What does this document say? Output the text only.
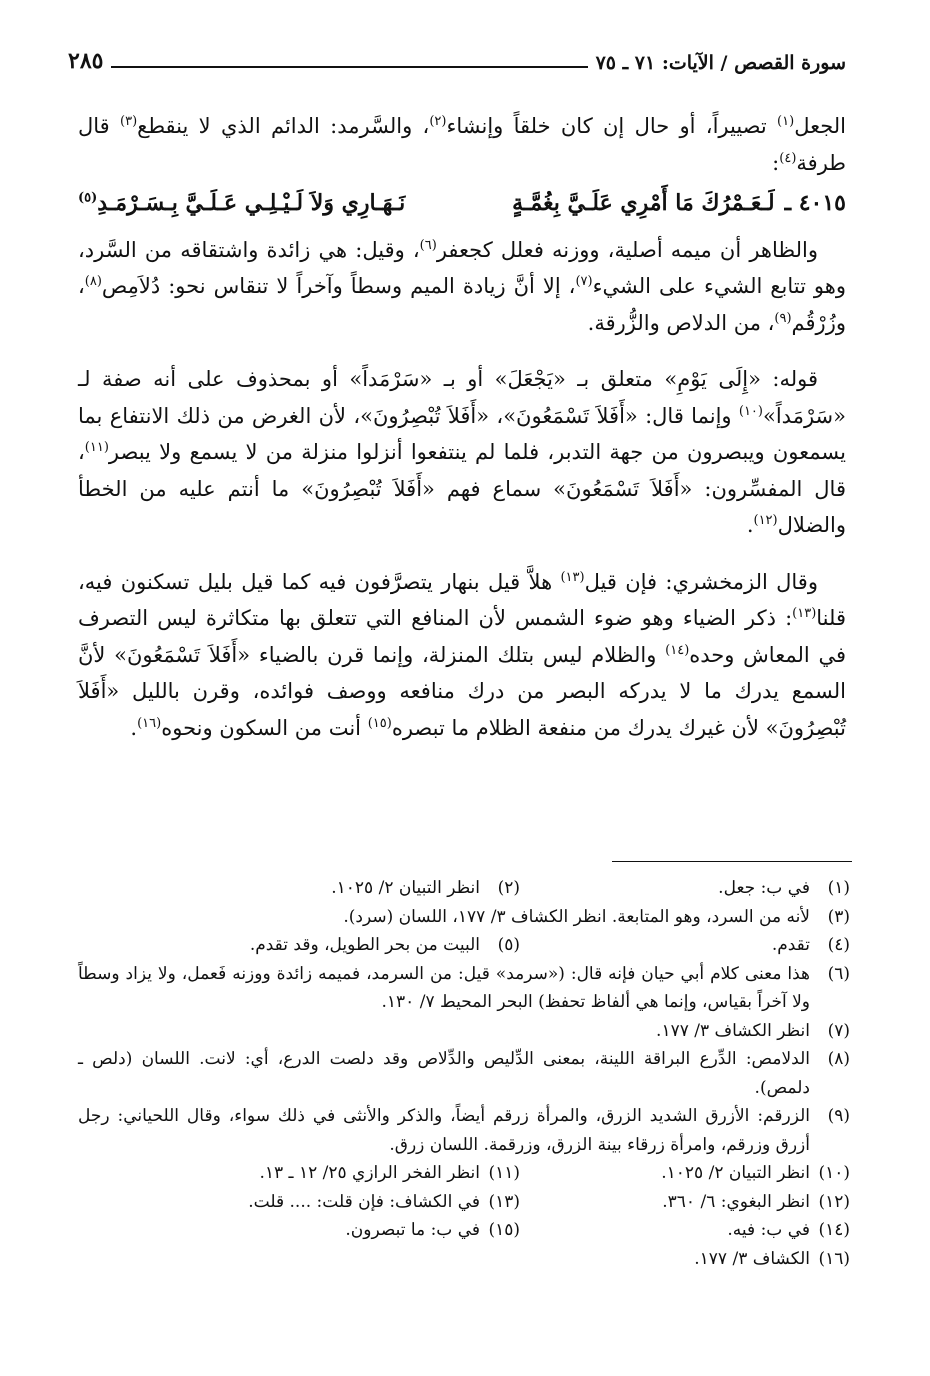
سورة القصص / الآيات: ٧١ ـ ٧٥
٢٨٥

الجعل$^{(١)}$ تصييراً، أو حال إن كان خلقاً وإنشاء$^{(٢)}$، والسَّرمد: الدائم الذي لا ينقطع$^{(٣)}$ قال طرفة$^{(٤)}$:

٤٠١٥ ـ
لَـعَـمْرُكَ مَا أَمْرِي عَلَـيَّ بِغُمَّـةٍ
نَـهَـارِي وَلاَ لَـيْـلِـي عَـلَـيَّ بِـسَـرْمَـدِ$^{(٥)}$

والظاهر أن ميمه أصلية، ووزنه فعلل كجعفر$^{(٦)}$، وقيل: هي زائدة واشتقاقه من السَّرد، وهو تتابع الشيء على الشيء$^{(٧)}$، إلا أنَّ زيادة الميم وسطاً وآخراً لا تنقاس نحو: دُلاَمِص$^{(٨)}$، وزُرْقُم$^{(٩)}$، من الدلاص والزُّرقة.

قوله: «إِلَى يَوْمِ» متعلق بـ «يَجْعَلَ» أو بـ «سَرْمَداً» أو بمحذوف على أنه صفة لـ «سَرْمَداً»$^{(١٠)}$ وإنما قال: «أَفَلاَ تَسْمَعُونَ»، «أَفَلاَ تُبْصِرُونَ»، لأن الغرض من ذلك الانتفاع بما يسمعون ويبصرون من جهة التدبر، فلما لم ينتفعوا أنزلوا منزلة من لا يسمع ولا يبصر$^{(١١)}$، قال المفسِّرون: «أَفَلاَ تَسْمَعُونَ» سماع فهم «أَفَلاَ تُبْصِرُونَ» ما أنتم عليه من الخطأ والضلال$^{(١٢)}$.

وقال الزمخشري: فإن قيل$^{(١٣)}$ هلاَّ قيل بنهار يتصرَّفون فيه كما قيل بليل تسكنون فيه، قلنا$^{(١٣)}$: ذكر الضياء وهو ضوء الشمس لأن المنافع التي تتعلق بها متكاثرة ليس التصرف في المعاش وحده$^{(١٤)}$ والظلام ليس بتلك المنزلة، وإنما قرن بالضياء «أَفَلاَ تَسْمَعُونَ» لأنَّ السمع يدرك ما لا يدركه البصر من درك منافعه ووصف فوائده، وقرن بالليل «أَفَلاَ تُبْصِرُونَ» لأن غيرك يدرك من منفعة الظلام ما تبصره$^{(١٥)}$ أنت من السكون ونحوه$^{(١٦)}$.

(١)
في ب: جعل.
(٢)
انظر التبيان ٢/ ١٠٢٥.
(٣)
لأنه من السرد، وهو المتابعة. انظر الكشاف ٣/ ١٧٧، اللسان (سرد).
(٤)
تقدم.
(٥)
البيت من بحر الطويل، وقد تقدم.
(٦)
هذا معنى كلام أبي حيان فإنه قال: («سرمد» قيل: من السرمد، فميمه زائدة ووزنه فَعمل، ولا يزاد وسطاً ولا آخراً بقياس، وإنما هي ألفاظ تحفظ) البحر المحيط ٧/ ١٣٠.
(٧)
انظر الكشاف ٣/ ١٧٧.
(٨)
الدلامص: الدِّرع البراقة اللينة، بمعنى الدِّليص والدِّلاص وقد دلصت الدرع، أي: لانت. اللسان (دلص ـ دلمص).
(٩)
الزرقم: الأزرق الشديد الزرق، والمرأة زرقم أيضاً، والذكر والأنثى في ذلك سواء، وقال اللحياني: رجل أزرق وزرقم، وامرأة زرقاء بينة الزرق، وزرقمة. اللسان زرق.
(١٠)
انظر التبيان ٢/ ١٠٢٥.
(١١)
انظر الفخر الرازي ٢٥/ ١٢ ـ ١٣.
(١٢)
انظر البغوي: ٦/ ٣٦٠.
(١٣)
في الكشاف: فإن قلت: .... قلت.
(١٤)
في ب: فيه.
(١٥)
في ب: ما تبصرون.
(١٦)
الكشاف ٣/ ١٧٧.
